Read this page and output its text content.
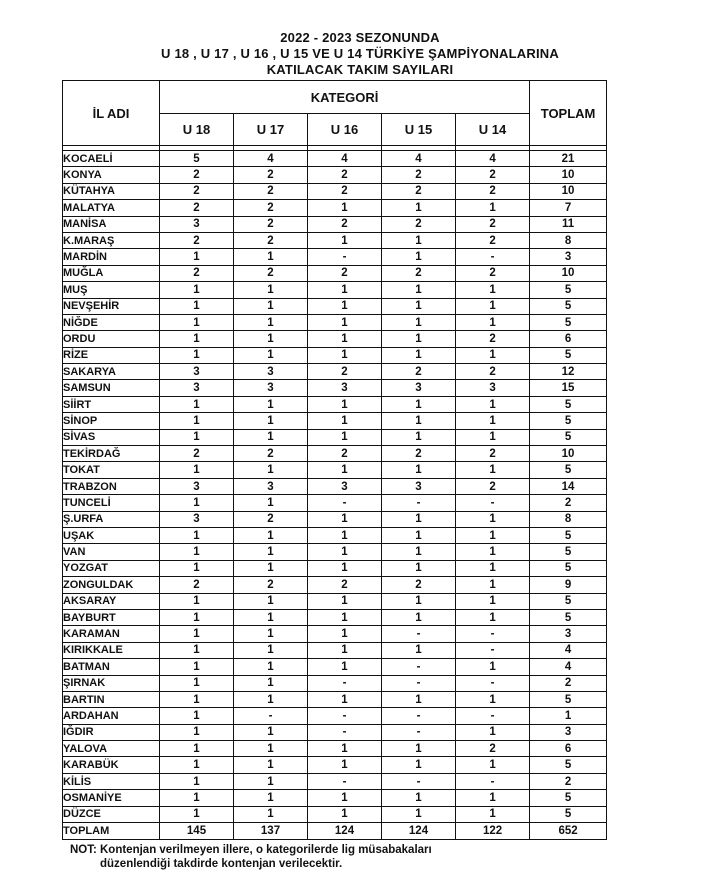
2022 - 2023 SEZONUNDA
U 18 , U 17 , U 16 , U 15 VE U 14 TÜRKİYE ŞAMPİYONALARINA
KATILACAK TAKIM SAYILARI
İL ADI	KATEGORİ					TOPLAM
	U 18	U 17	U 16	U 15	U 14	

KOCAELİ	5	4	4	4	4	21
KONYA	2	2	2	2	2	10
KÜTAHYA	2	2	2	2	2	10
MALATYA	2	2	1	1	1	7
MANİSA	3	2	2	2	2	11
K.MARAŞ	2	2	1	1	2	8
MARDİN	1	1	-	1	-	3
MUĞLA	2	2	2	2	2	10
MUŞ	1	1	1	1	1	5
NEVŞEHİR	1	1	1	1	1	5
NİĞDE	1	1	1	1	1	5
ORDU	1	1	1	1	2	6
RİZE	1	1	1	1	1	5
SAKARYA	3	3	2	2	2	12
SAMSUN	3	3	3	3	3	15
SİİRT	1	1	1	1	1	5
SİNOP	1	1	1	1	1	5
SİVAS	1	1	1	1	1	5
TEKİRDAĞ	2	2	2	2	2	10
TOKAT	1	1	1	1	1	5
TRABZON	3	3	3	3	2	14
TUNCELİ	1	1	-	-	-	2
Ş.URFA	3	2	1	1	1	8
UŞAK	1	1	1	1	1	5
VAN	1	1	1	1	1	5
YOZGAT	1	1	1	1	1	5
ZONGULDAK	2	2	2	2	1	9
AKSARAY	1	1	1	1	1	5
BAYBURT	1	1	1	1	1	5
KARAMAN	1	1	1	-	-	3
KIRIKKALE	1	1	1	1	-	4
BATMAN	1	1	1	-	1	4
ŞIRNAK	1	1	-	-	-	2
BARTIN	1	1	1	1	1	5
ARDAHAN	1	-	-	-	-	1
IĞDIR	1	1	-	-	1	3
YALOVA	1	1	1	1	2	6
KARABÜK	1	1	1	1	1	5
KİLİS	1	1	-	-	-	2
OSMANİYE	1	1	1	1	1	5
DÜZCE	1	1	1	1	1	5
TOPLAM	145	137	124	124	122	652
NOT: Kontenjan verilmeyen illere, o kategorilerde lig müsabakaları
düzenlendiği takdirde kontenjan verilecektir.
